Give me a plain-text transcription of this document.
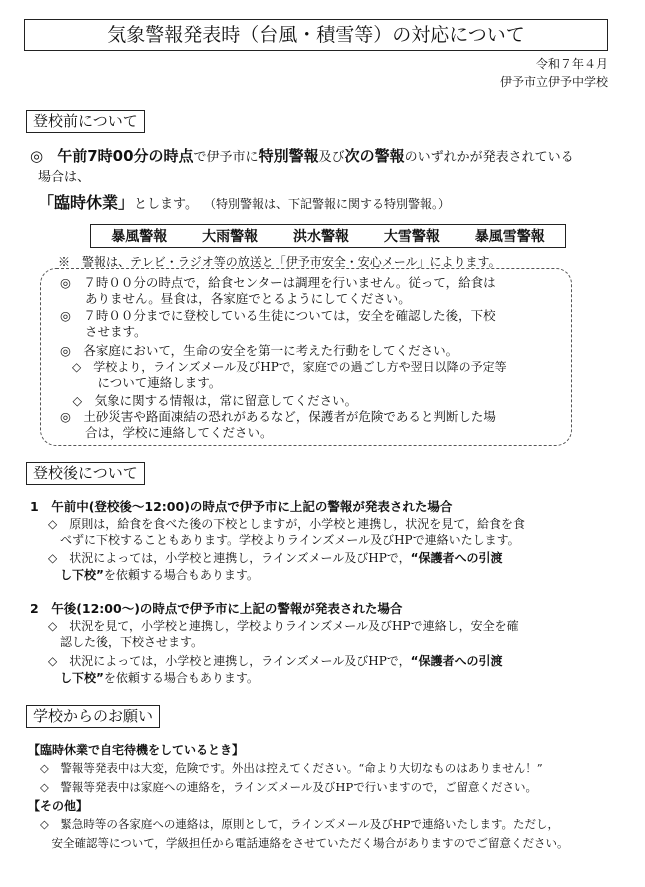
気象警報発表時（台風・積雪等）の対応について
令和７年４月
伊予市立伊予中学校
登校前について
◎ 午前7時00分の時点で伊予市に特別警報及び次の警報のいずれかが発表されている
場合は、
「臨時休業」とします。 （特別警報は、下記警報に関する特別警報。）
暴風警報 大雨警報 洪水警報 大雪警報 暴風雪警報
※　警報は、テレビ・ラジオ等の放送と「伊予市安全・安心メール」によります。
◎　７時００分の時点で，給食センターは調理を行いません。従って，給食は
　　ありません。昼食は，各家庭でとるようにしてください。
◎　７時００分までに登校している生徒については，安全を確認した後，下校
　　させます。
◎　各家庭において，生命の安全を第一に考えた行動をしてください。
　◇　学校より，ラインズメール及びHPで，家庭での過ごし方や翌日以降の予定等
　　　について連絡します。
　◇　気象に関する情報は，常に留意してください。
◎　土砂災害や路面凍結の恐れがあるなど，保護者が危険であると判断した場
　　合は，学校に連絡してください。
登校後について
1　午前中(登校後～12:00)の時点で伊予市に上記の警報が発表された場合
◇　原則は，給食を食べた後の下校としますが，小学校と連携し，状況を見て，給食を食
　べずに下校することもあります。学校よりラインズメール及びHPで連絡いたします。
◇　状況によっては，小学校と連携し，ラインズメール及びHPで，“保護者への引渡
し下校”を依頼する場合もあります。
2　午後(12:00～)の時点で伊予市に上記の警報が発表された場合
◇　状況を見て，小学校と連携し，学校よりラインズメール及びHPで連絡し，安全を確
　認した後，下校させます。
◇　状況によっては，小学校と連携し，ラインズメール及びHPで，“保護者への引渡
し下校”を依頼する場合もあります。
学校からのお願い
【臨時休業で自宅待機をしているとき】
◇　警報等発表中は大変，危険です。外出は控えてください。“命より大切なものはありません！”
◇　警報等発表中は家庭への連絡を，ラインズメール及びHPで行いますので，ご留意ください。
【その他】
◇　緊急時等の各家庭への連絡は，原則として，ラインズメール及びHPで連絡いたします。ただし，
　安全確認等について，学級担任から電話連絡をさせていただく場合がありますのでご留意ください。
